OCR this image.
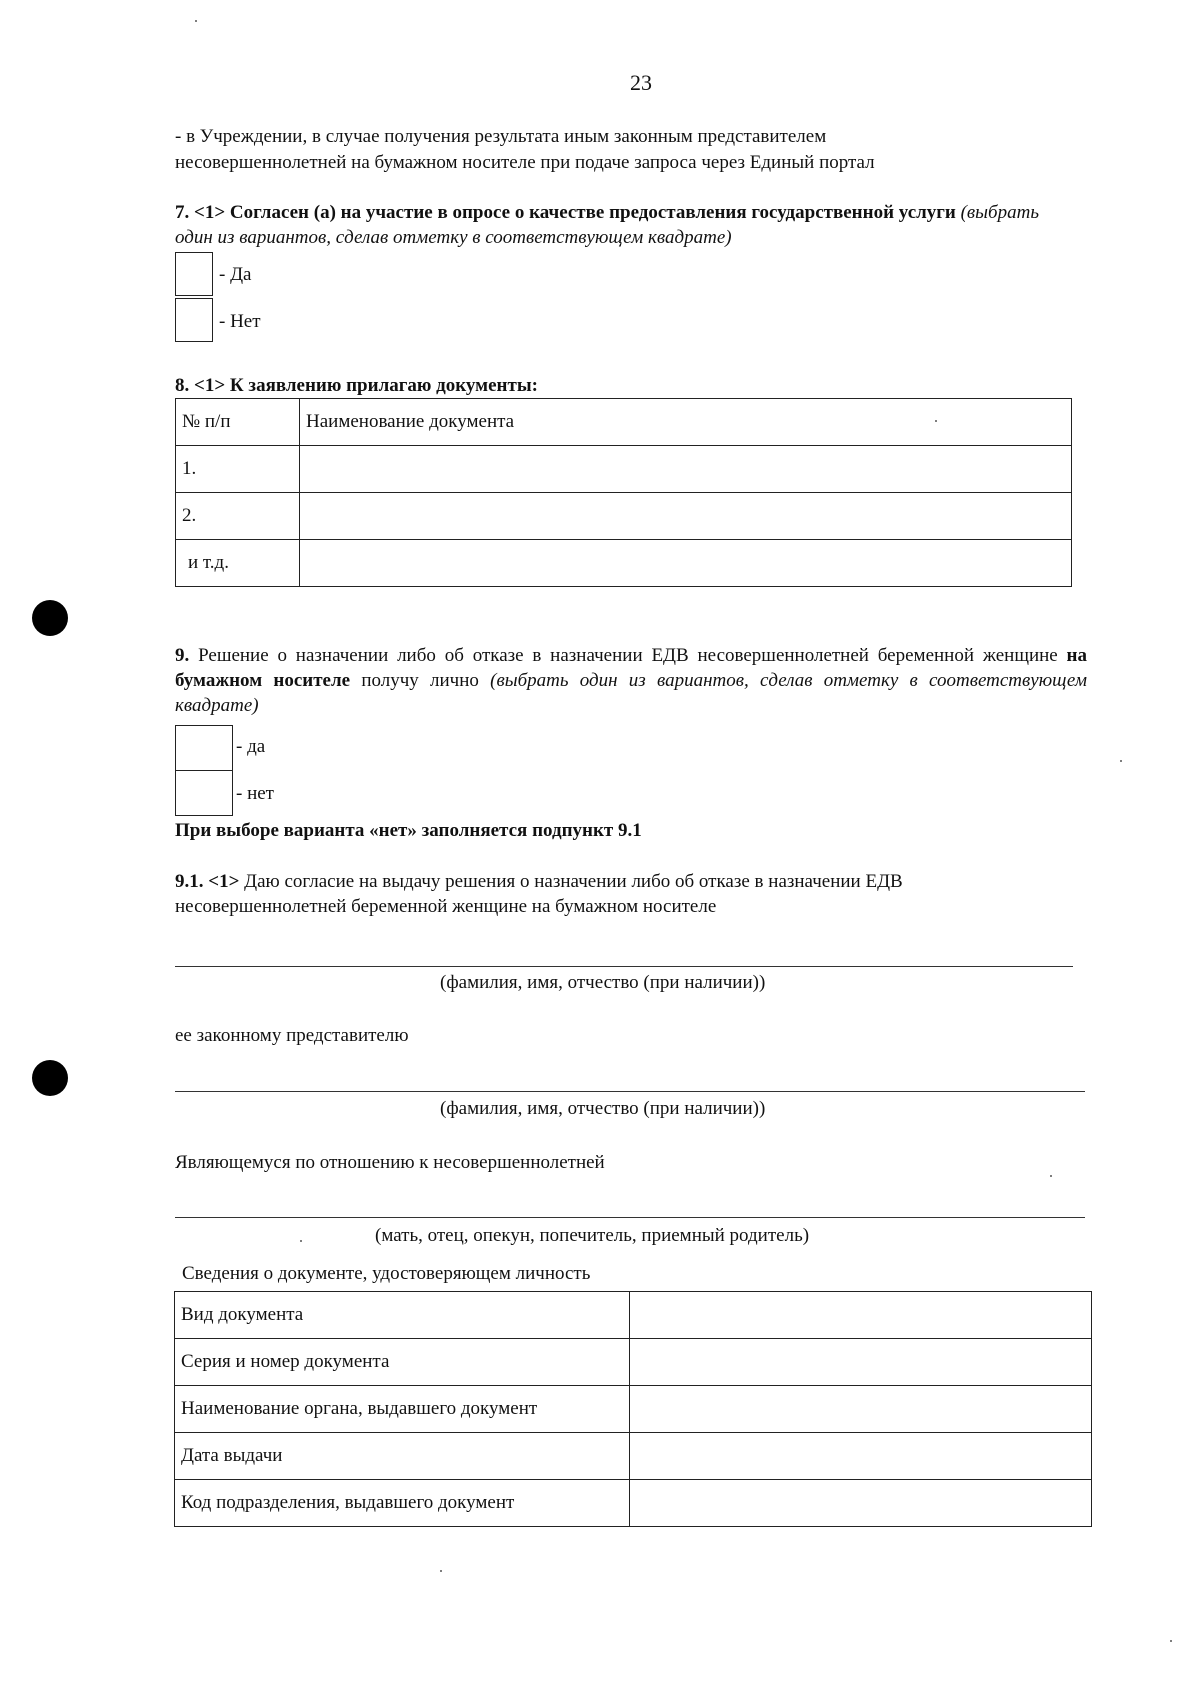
23
- в Учреждении, в случае получения результата иным законным представителем
несовершеннолетней на бумажном носителе при подаче запроса через Единый портал
7. <1> Согласен (а) на участие в опросе о качестве предоставления государственной услуги (выбрать один из вариантов, сделав отметку в соответствующем квадрате)
- Да
- Нет
8. <1> К заявлению прилагаю документы:
№ п/п	Наименование документа
1.	
2.	
и т.д.	
9. Решение о назначении либо об отказе в назначении ЕДВ несовершеннолетней беременной женщине на бумажном носителе получу лично (выбрать один из вариантов, сделав отметку в соответствующем квадрате)
- да
- нет
При выборе варианта «нет» заполняется подпункт 9.1
9.1. <1> Даю согласие на выдачу решения о назначении либо об отказе в назначении ЕДВ несовершеннолетней беременной женщине на бумажном носителе
(фамилия, имя, отчество (при наличии))
ее законному представителю
(фамилия, имя, отчество (при наличии))
Являющемуся по отношению к несовершеннолетней
(мать, отец, опекун, попечитель, приемный родитель)
Сведения о документе, удостоверяющем личность
Вид документа	
Серия и номер документа	
Наименование органа, выдавшего документ	
Дата выдачи	
Код подразделения, выдавшего документ	
